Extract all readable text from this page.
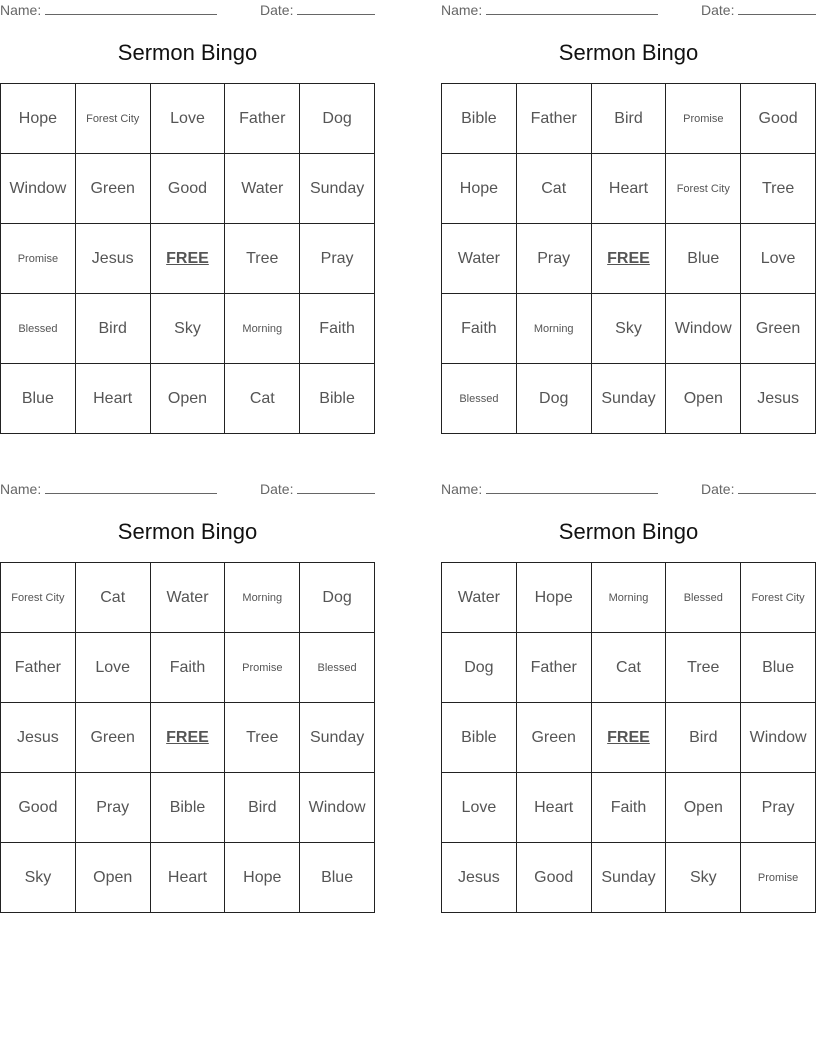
Name:	Date:
Sermon Bingo
Hope	Forest City	Love	Father	Dog
Window	Green	Good	Water	Sunday
Promise	Jesus	FREE	Tree	Pray
Blessed	Bird	Sky	Morning	Faith
Blue	Heart	Open	Cat	Bible
Name:	Date:
Sermon Bingo
Bible	Father	Bird	Promise	Good
Hope	Cat	Heart	Forest City	Tree
Water	Pray	FREE	Blue	Love
Faith	Morning	Sky	Window	Green
Blessed	Dog	Sunday	Open	Jesus
Name:	Date:
Sermon Bingo
Forest City	Cat	Water	Morning	Dog
Father	Love	Faith	Promise	Blessed
Jesus	Green	FREE	Tree	Sunday
Good	Pray	Bible	Bird	Window
Sky	Open	Heart	Hope	Blue
Name:	Date:
Sermon Bingo
Water	Hope	Morning	Blessed	Forest City
Dog	Father	Cat	Tree	Blue
Bible	Green	FREE	Bird	Window
Love	Heart	Faith	Open	Pray
Jesus	Good	Sunday	Sky	Promise
